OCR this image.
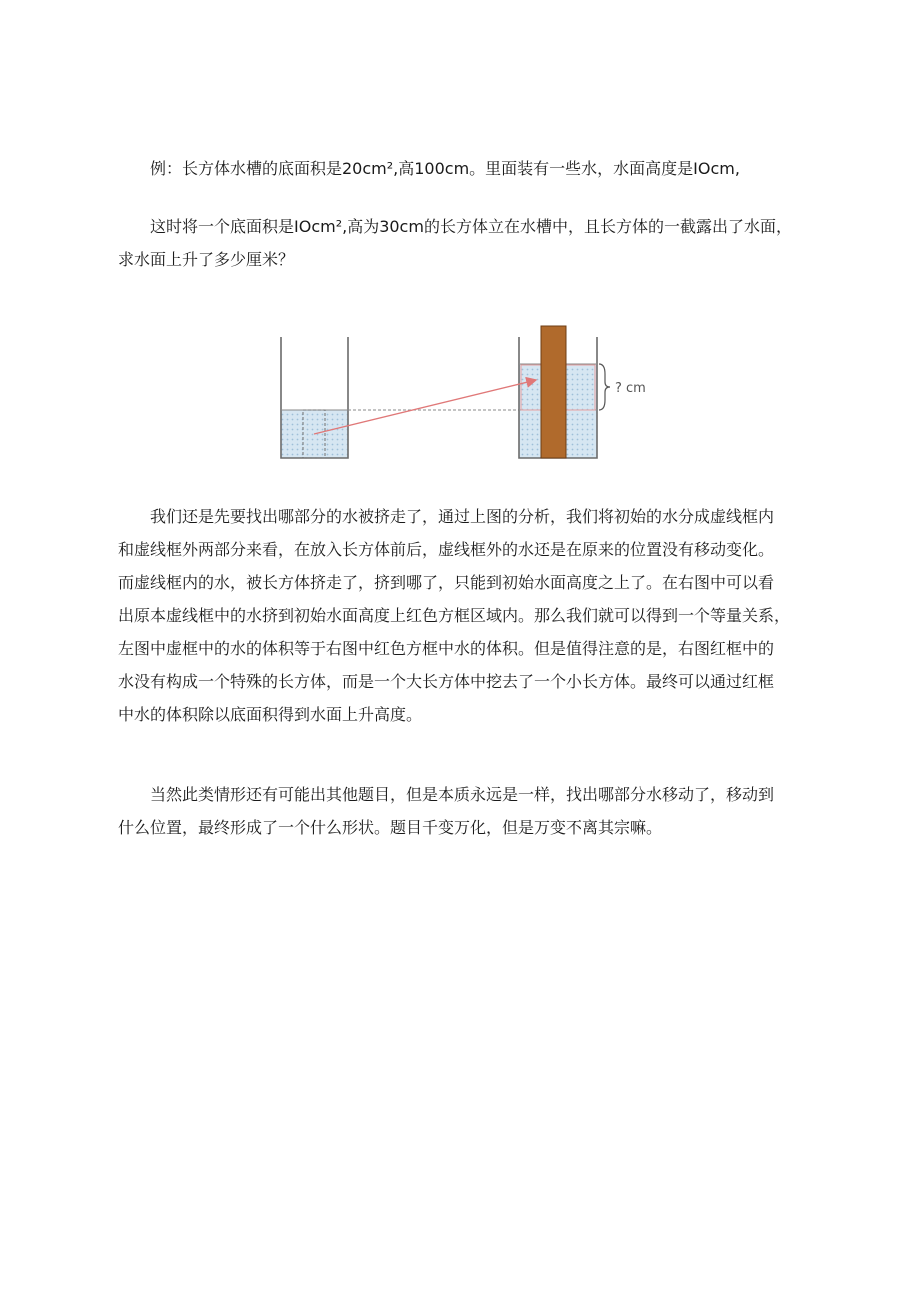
例：长方体水槽的底面积是20cm²,高100cm。里面装有一些水，水面高度是IOcm,

这时将一个底面积是IOcm²,高为30cm的长方体立在水槽中，且长方体的一截露出了水面，
求水面上升了多少厘米？

? cm
我们还是先要找出哪部分的水被挤走了，通过上图的分析，我们将初始的水分成虚线框内
和虚线框外两部分来看，在放入长方体前后，虚线框外的水还是在原来的位置没有移动变化。
而虚线框内的水，被长方体挤走了，挤到哪了，只能到初始水面高度之上了。在右图中可以看
出原本虚线框中的水挤到初始水面高度上红色方框区域内。那么我们就可以得到一个等量关系，
左图中虚框中的水的体积等于右图中红色方框中水的体积。但是值得注意的是，右图红框中的
水没有构成一个特殊的长方体，而是一个大长方体中挖去了一个小长方体。最终可以通过红框
中水的体积除以底面积得到水面上升高度。
当然此类情形还有可能出其他题目，但是本质永远是一样，找出哪部分水移动了，移动到
什么位置，最终形成了一个什么形状。题目千变万化，但是万变不离其宗嘛。
